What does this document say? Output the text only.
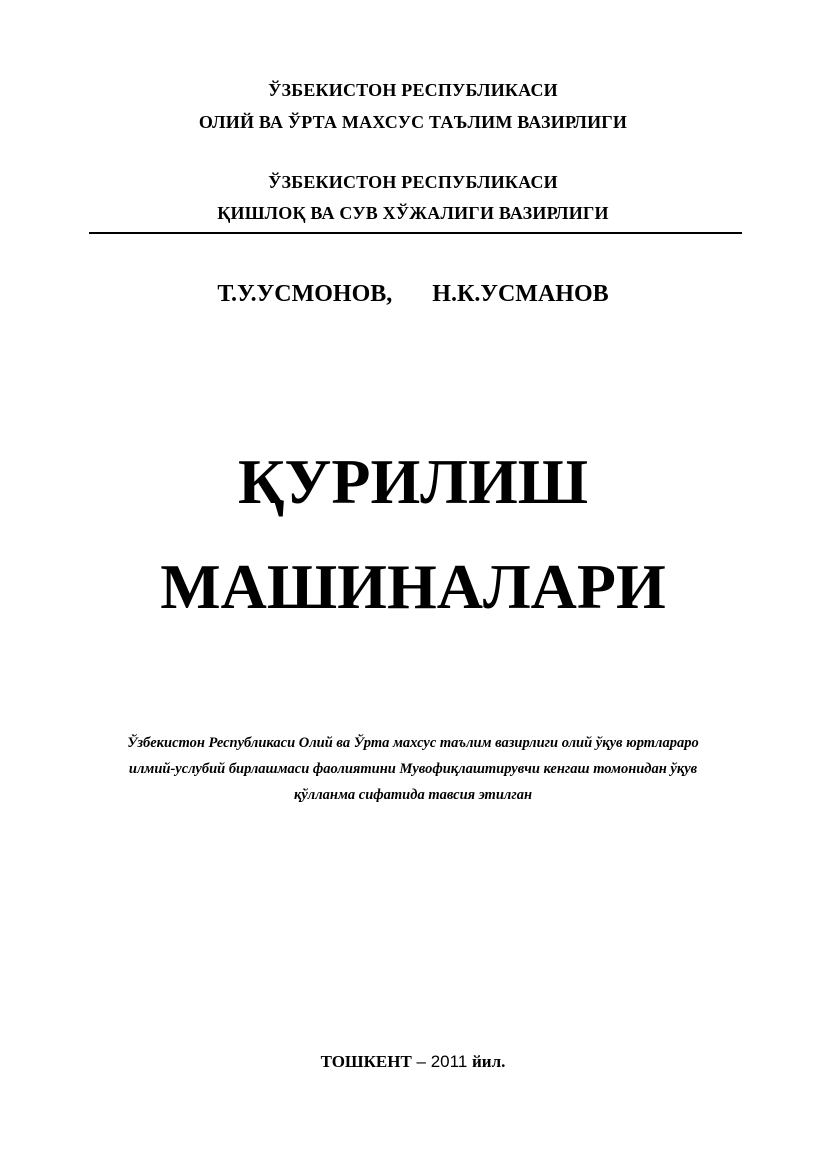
ЎЗБЕКИСТОН РЕСПУБЛИКАСИ
ОЛИЙ ВА ЎРТА МАХСУС ТАЪЛИМ ВАЗИРЛИГИ
ЎЗБЕКИСТОН РЕСПУБЛИКАСИ
ҚИШЛОҚ ВА СУВ ХЎЖАЛИГИ ВАЗИРЛИГИ
Т.У.УСМОНОВ, Н.К.УСМАНОВ
ҚУРИЛИШ
МАШИНАЛАРИ
Ўзбекистон Республикаси Олий ва Ўрта махсус таълим вазирлиги олий ўқув юртлараро
илмий-услубий бирлашмаси фаолиятини Мувофиқлаштирувчи кенгаш томонидан ўқув
қўлланма сифатида тавсия этилган
ТОШКЕНТ – 2011 йил.
